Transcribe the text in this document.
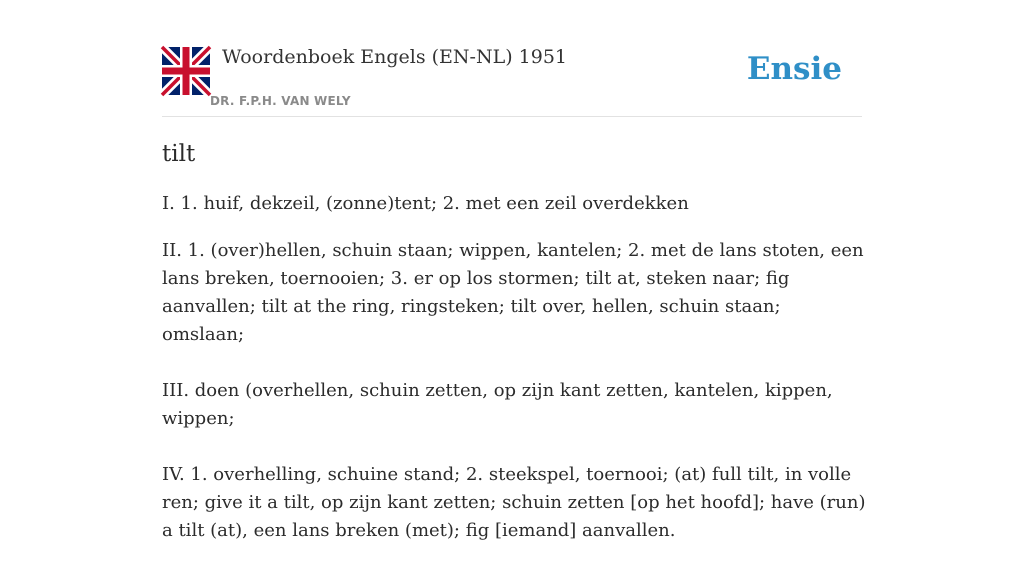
Woordenboek Engels (EN-NL) 1951
DR. F.P.H. VAN WELY
Ensie
tilt

I. 1. huif, dekzeil, (zonne)tent; 2. met een zeil overdekken

II. 1. (over)hellen, schuin staan; wippen, kantelen; 2. met de lans stoten, een lans breken, toernooien; 3. er op los stormen; tilt at, steken naar; fig aanvallen; tilt at the ring, ringsteken; tilt over, hellen, schuin staan; omslaan;

III. doen (overhellen, schuin zetten, op zijn kant zetten, kantelen, kippen, wippen;

IV. 1. overhelling, schuine stand; 2. steekspel, toernooi; (at) full tilt, in volle ren; give it a tilt, op zijn kant zetten; schuin zetten [op het hoofd]; have (run) a tilt (at), een lans breken (met); fig [iemand] aanvallen.
